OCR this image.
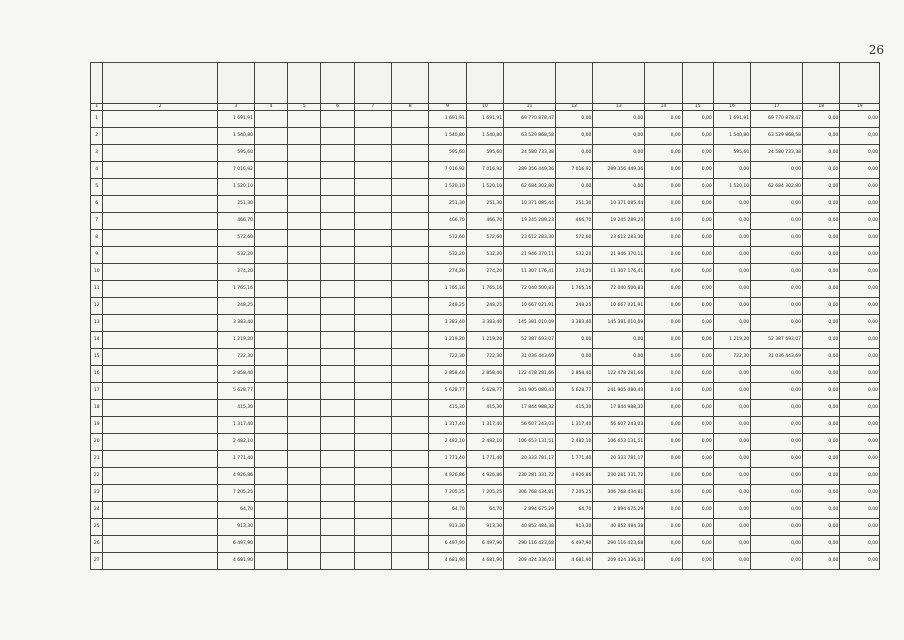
26

1	2	3	4	5	6	7	8	9	10	11	12	13	14	15	16	17	18	19
1		1 691,91						1 691,91	1 691,91	69 770 878,47	0,00	0,00	0,00	0,00	1 691,91	69 770 878,47	0,00	0,00
2		1 540,80						1 540,80	1 540,80	63 529 868,58	0,00	0,00	0,00	0,00	1 540,80	63 529 868,58	0,00	0,00
3		595,60						595,60	595,60	24 580 733,38	0,00	0,00	0,00	0,00	595,60	24 580 733,38	0,00	0,00
4		7 016,92						7 016,92	7 016,92	289 356 449,36	7 016,92	289 356 449,36	0,00	0,00	0,00	0,00	0,00	0,00
5		1 520,10						1 520,10	1 520,10	62 684 302,80	0,00	0,00	0,00	0,00	1 520,10	62 684 302,80	0,00	0,00
6		251,30						251,30	251,30	10 371 085,44	251,30	10 371 085,44	0,00	0,00	0,00	0,00	0,00	0,00
7		466,70						466,70	466,70	19 245 289,23	466,70	19 245 289,23	0,00	0,00	0,00	0,00	0,00	0,00
8		572,60						572,60	572,60	23 612 283,30	572,60	23 612 283,30	0,00	0,00	0,00	0,00	0,00	0,00
9		532,20						532,20	532,20	21 946 370,11	532,20	21 946 370,11	0,00	0,00	0,00	0,00	0,00	0,00
10		274,20						274,20	274,20	11 307 176,41	274,20	11 307 176,41	0,00	0,00	0,00	0,00	0,00	0,00
11		1 765,16						1 765,16	1 765,16	72 040 500,83	1 765,16	72 040 500,83	0,00	0,00	0,00	0,00	0,00	0,00
12		248,25						248,25	248,25	10 667 021,91	248,25	10 667 021,91	0,00	0,00	0,00	0,00	0,00	0,00
13		3 383,40						3 383,40	3 383,40	145 381 010,09	3 383,40	145 381 010,09	0,00	0,00	0,00	0,00	0,00	0,00
14		1 219,20						1 219,20	1 219,20	52 387 693,07	0,00	0,00	0,00	0,00	1 219,20	52 387 693,07	0,00	0,00
15		722,30						722,30	722,30	31 036 443,69	0,00	0,00	0,00	0,00	722,30	31 036 443,69	0,00	0,00
16		2 858,40						2 858,40	2 858,40	122 478 281,66	2 858,40	122 478 281,66	0,00	0,00	0,00	0,00	0,00	0,00
17		5 628,77						5 628,77	5 628,77	241 905 080,43	5 628,77	241 905 080,43	0,00	0,00	0,00	0,00	0,00	0,00
18		415,30						415,30	415,30	17 844 988,32	415,30	17 844 988,32	0,00	0,00	0,00	0,00	0,00	0,00
19		1 317,40						1 317,40	1 317,40	56 607 243,03	1 317,40	56 607 243,03	0,00	0,00	0,00	0,00	0,00	0,00
20		2 482,10						2 482,10	2 482,10	106 653 131,51	2 482,10	106 653 131,51	0,00	0,00	0,00	0,00	0,00	0,00
21		1 771,40						1 771,40	1 771,40	20 333 781,17	1 771,40	20 333 781,17	0,00	0,00	0,00	0,00	0,00	0,00
22		4 926,86						4 926,86	4 926,86	230 281 331,72	4 926,86	230 281 331,72	0,00	0,00	0,00	0,00	0,00	0,00
23		7 205,25						7 205,25	7 205,25	306 768 434,81	7 205,25	306 768 434,81	0,00	0,00	0,00	0,00	0,00	0,00
24		64,70						64,70	64,70	2 894 675,29	64,70	2 894 675,29	0,00	0,00	0,00	0,00	0,00	0,00
25		913,30						913,30	913,30	40 852 484,38	913,30	40 852 484,38	0,00	0,00	0,00	0,00	0,00	0,00
26		6 497,90						6 497,90	6 497,90	290 116 423,68	6 497,90	290 116 423,68	0,00	0,00	0,00	0,00	0,00	0,00
27		4 681,90						4 681,90	4 681,90	209 424 336,03	4 681,90	209 424 336,03	0,00	0,00	0,00	0,00	0,00	0,00
